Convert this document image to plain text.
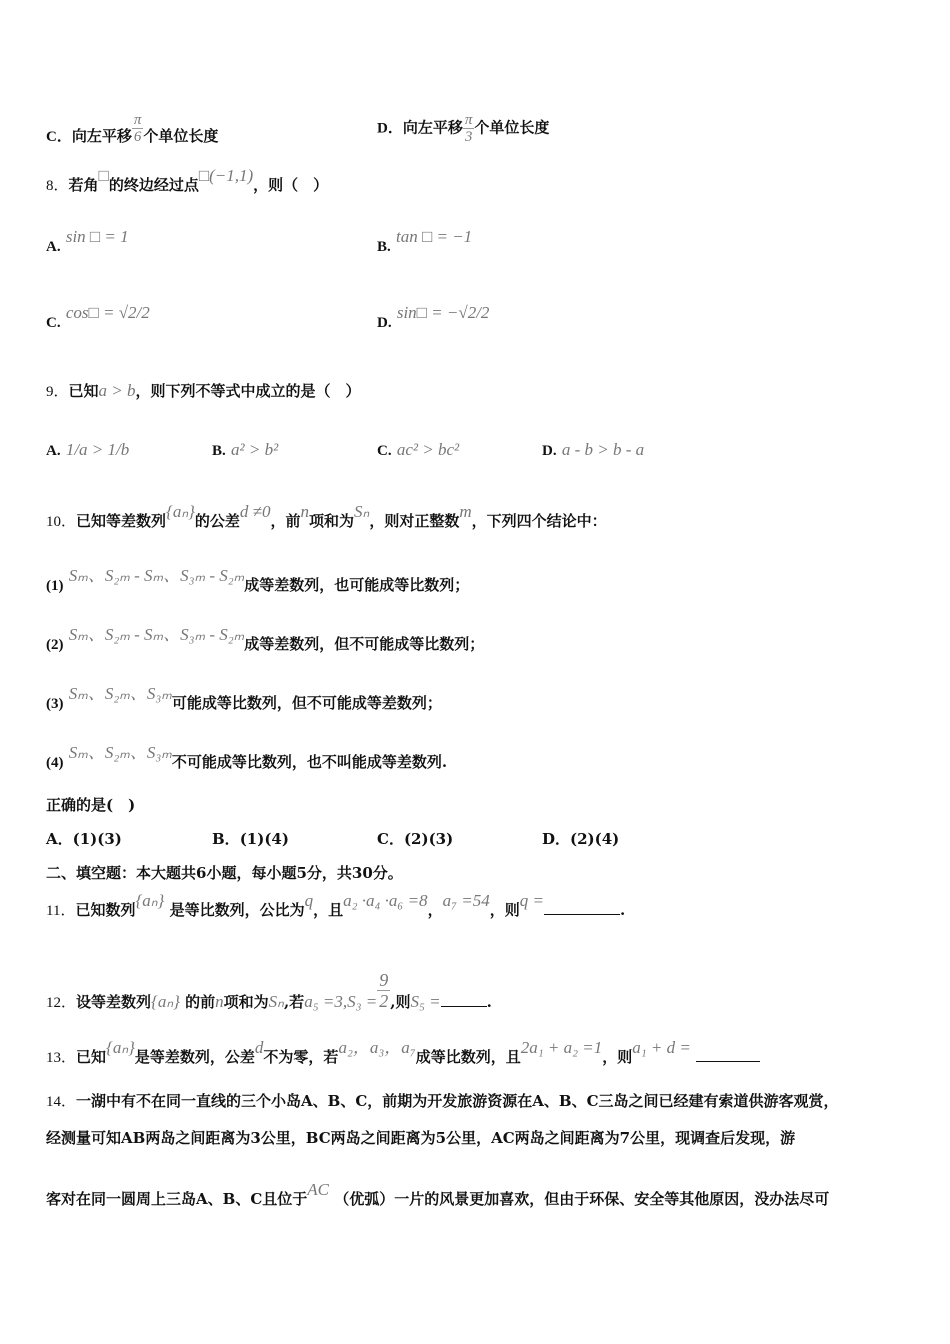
C．向左平移 $\frac{\pi}{6}$个单位长度	D．向左平移 $\frac{\pi}{3}$个单位长度
8．若角□的终边经过点□(−1,1)，则（　）
A. sin □ = 1
B. tan □ = −1
C. cos□ = √2/2
D. sin□ = −√2/2
9．已知a > b，则下列不等式中成立的是（　）
A. 1/a > 1/b	B. a² > b²	C. ac² > bc²	D. a - b > b - a
10．已知等差数列{aₙ}的公差d ≠0，前n项和为Sₙ，则对正整数m，下列四个结论中：
(1) Sₘ、S₂ₘ - Sₘ、S₃ₘ - S₂ₘ成等差数列，也可能成等比数列；
(2) Sₘ、S₂ₘ - Sₘ、S₃ₘ - S₂ₘ成等差数列，但不可能成等比数列；
(3) Sₘ、S₂ₘ、S₃ₘ可能成等比数列，但不可能成等差数列；
(4) Sₘ、S₂ₘ、S₃ₘ不可能成等比数列，也不叫能成等差数列.
正确的是(　)
A．(1)(3)	B．(1)(4)	C．(2)(3)	D．(2)(4)
二、填空题：本大题共6小题，每小题5分，共30分。
11．已知数列{aₙ} 是等比数列，公比为q，且a₂ ·a₄ ·a₆ =8，a₇ =54，则q =	.
12．设等差数列{aₙ} 的前n项和为Sₙ,若$a_5 =3,S_3 = \frac{9}{2}$,则S₅ =	.
13．已知{aₙ}是等差数列，公差d不为零，若a₂，a₃，a₇成等比数列，且2a₁ + a₂ =1，则a₁ + d =
14．一湖中有不在同一直线的三个小岛A、B、C，前期为开发旅游资源在A、B、C三岛之间已经建有索道供游客观赏，
经测量可知AB两岛之间距离为3公里，BC两岛之间距离为5公里，AC两岛之间距离为7公里，现调查后发现，游
客对在同一圆周上三岛A、B、C且位于AC （优弧）一片的风景更加喜欢，但由于环保、安全等其他原因，没办法尽可
